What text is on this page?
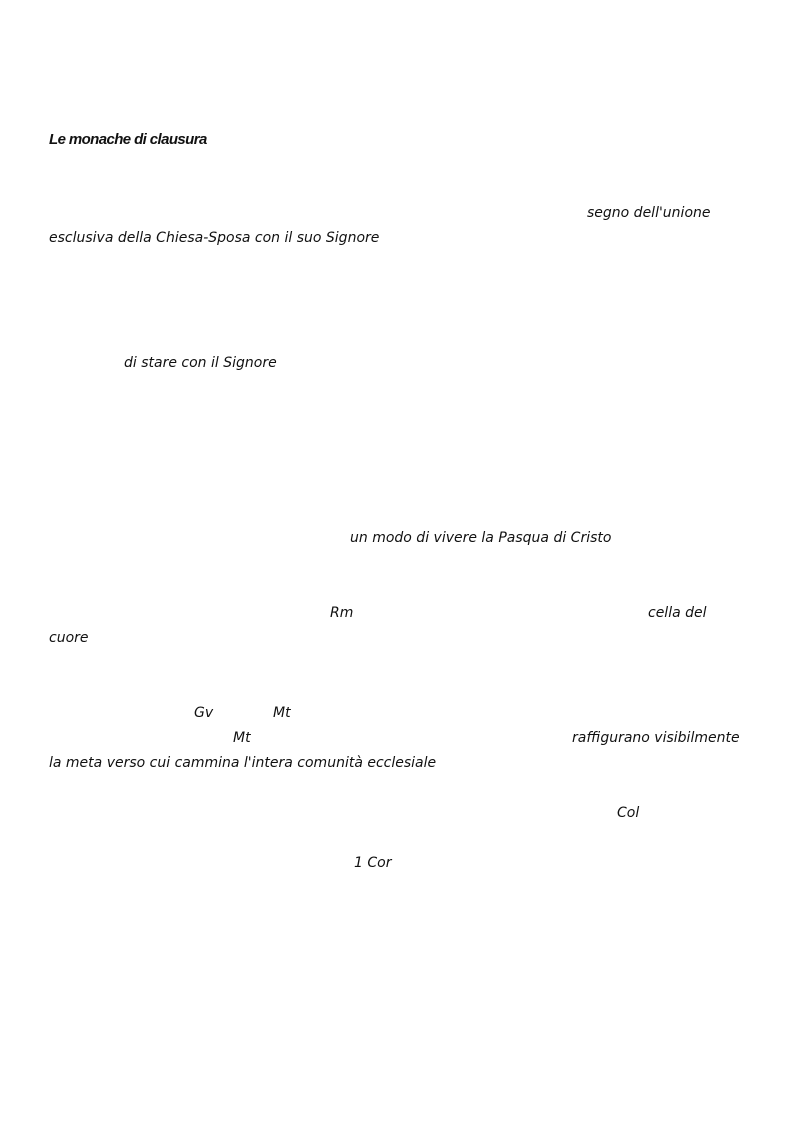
Le monache di clausura
segno dell'unione
esclusiva della Chiesa-Sposa con il suo Signore
di stare con il Signore
un modo di vivere la Pasqua di Cristo
Rm	cella del
cuore
Gv	Mt
Mt	raffigurano visibilmente
la meta verso cui cammina l'intera comunità ecclesiale
Col
1 Cor
